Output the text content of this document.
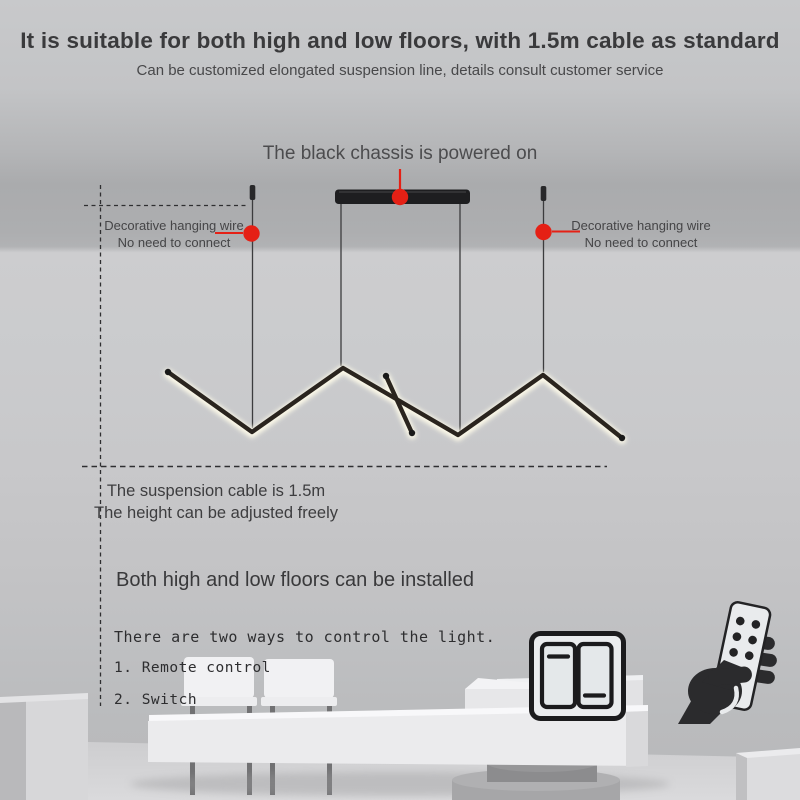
It is suitable for both high and low floors, with 1.5m cable as standard
Can be customized elongated suspension line, details consult customer service
The black chassis is powered on
Decorative hanging wire
No need to connect
Decorative hanging wire
No need to connect
The suspension cable is 1.5m
The height can be adjusted freely
Both high and low floors can be installed
There are two ways to control the light.
1. Remote control
2. Switch
